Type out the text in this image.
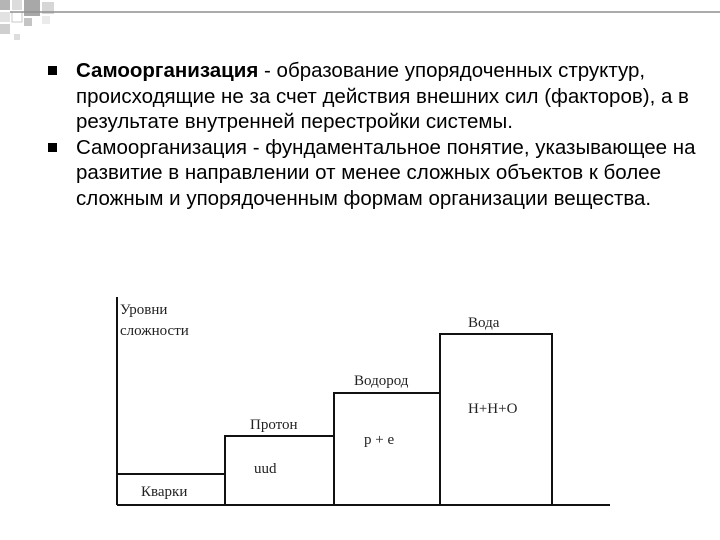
Самоорганизация - образование упорядоченных структур, происходящие не за счет действия внешних сил (факторов), а в результате внутренней перестройки системы.
Самоорганизация - фундаментальное понятие, указывающее на развитие в направлении от менее сложных объектов к более сложным и упорядоченным формам организации вещества.
Уровни
сложности
Кварки
Протон
uud
Водород
p + e
Вода
H+H+O
